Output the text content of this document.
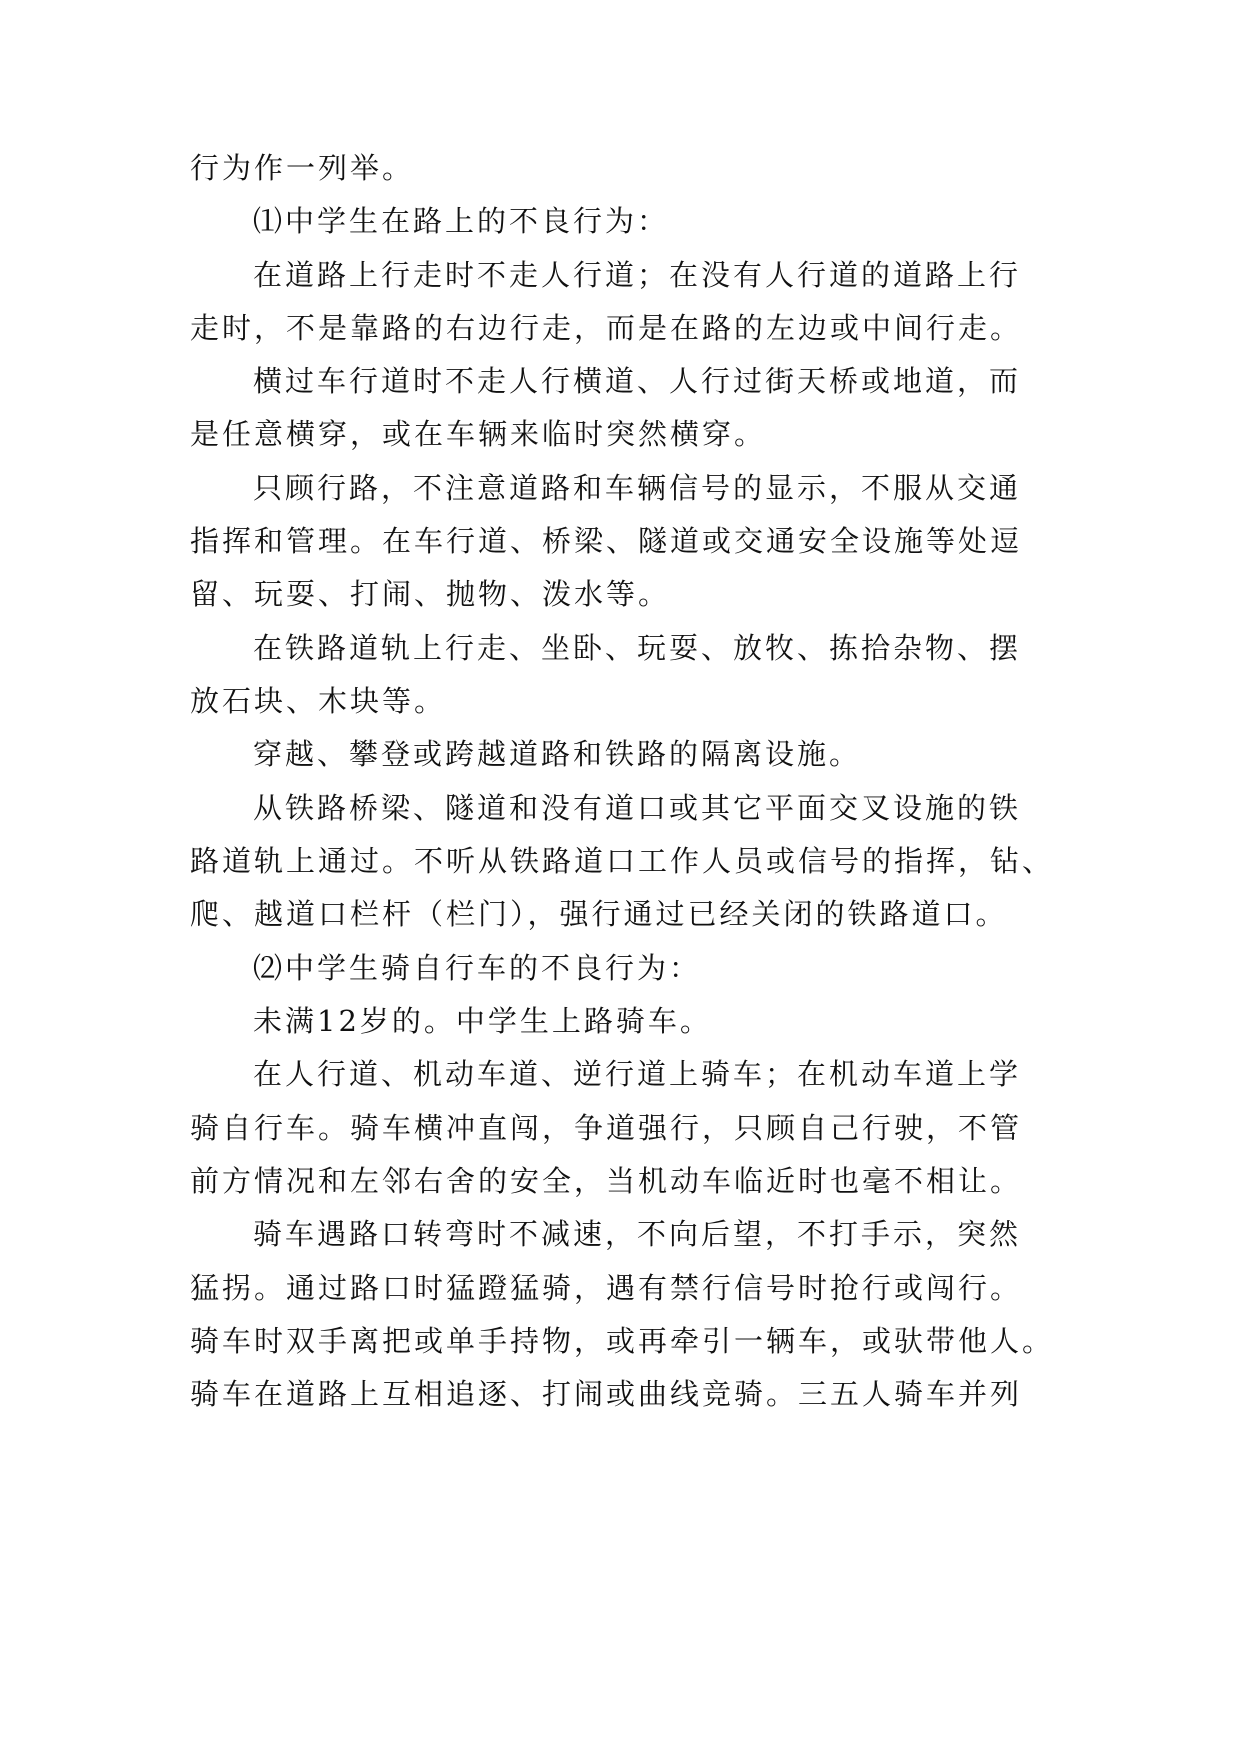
行为作一列举。
⑴中学生在路上的不良行为：
在道路上行走时不走人行道；在没有人行道的道路上行
走时，不是靠路的右边行走，而是在路的左边或中间行走。
横过车行道时不走人行横道、人行过街天桥或地道，而
是任意横穿，或在车辆来临时突然横穿。
只顾行路，不注意道路和车辆信号的显示，不服从交通
指挥和管理。在车行道、桥梁、隧道或交通安全设施等处逗
留、玩耍、打闹、抛物、泼水等。
在铁路道轨上行走、坐卧、玩耍、放牧、拣拾杂物、摆
放石块、木块等。
穿越、攀登或跨越道路和铁路的隔离设施。
从铁路桥梁、隧道和没有道口或其它平面交叉设施的铁
路道轨上通过。不听从铁路道口工作人员或信号的指挥，钻、
爬、越道口栏杆（栏门），强行通过已经关闭的铁路道口。
⑵中学生骑自行车的不良行为：
未满12岁的。中学生上路骑车。
在人行道、机动车道、逆行道上骑车；在机动车道上学
骑自行车。骑车横冲直闯，争道强行，只顾自己行驶，不管
前方情况和左邻右舍的安全，当机动车临近时也毫不相让。
骑车遇路口转弯时不减速，不向后望，不打手示，突然
猛拐。通过路口时猛蹬猛骑，遇有禁行信号时抢行或闯行。
骑车时双手离把或单手持物，或再牵引一辆车，或驮带他人。
骑车在道路上互相追逐、打闹或曲线竞骑。三五人骑车并列
